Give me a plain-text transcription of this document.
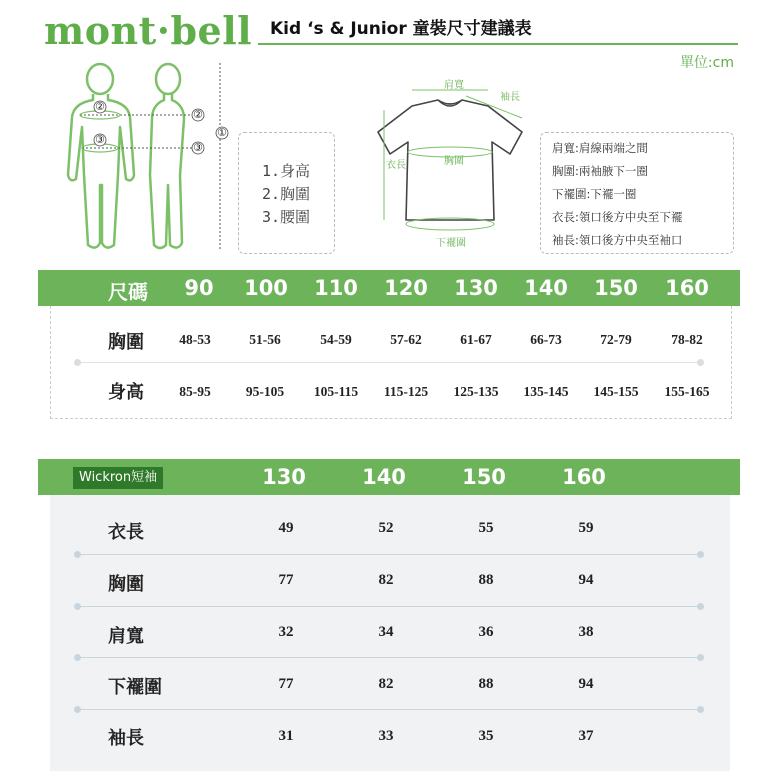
mont·bell Kid ‘s & Junior 童裝尺寸建議表
單位:cm
②
③
②
③
①
1.身高
2.胸圍
3.腰圍
肩寬
袖長
衣長	胸圍
下襬圍
肩寬:肩線兩端之間
胸圍:兩袖腋下一圈
下襬圍:下襬一圈
衣長:領口後方中央至下襬
袖長:領口後方中央至袖口
尺碼	90	100	110	120	130	140	150	160
胸圍	48-53	51-56	54-59	57-62	61-67	66-73	72-79	78-82
身高	85-95	95-105	105-115	115-125	125-135	135-145	145-155	155-165
Wickron短袖	130	140	150	160
衣長	49	52	55	59
胸圍	77	82	88	94
肩寬	32	34	36	38
下襬圍	77	82	88	94
袖長	31	33	35	37
